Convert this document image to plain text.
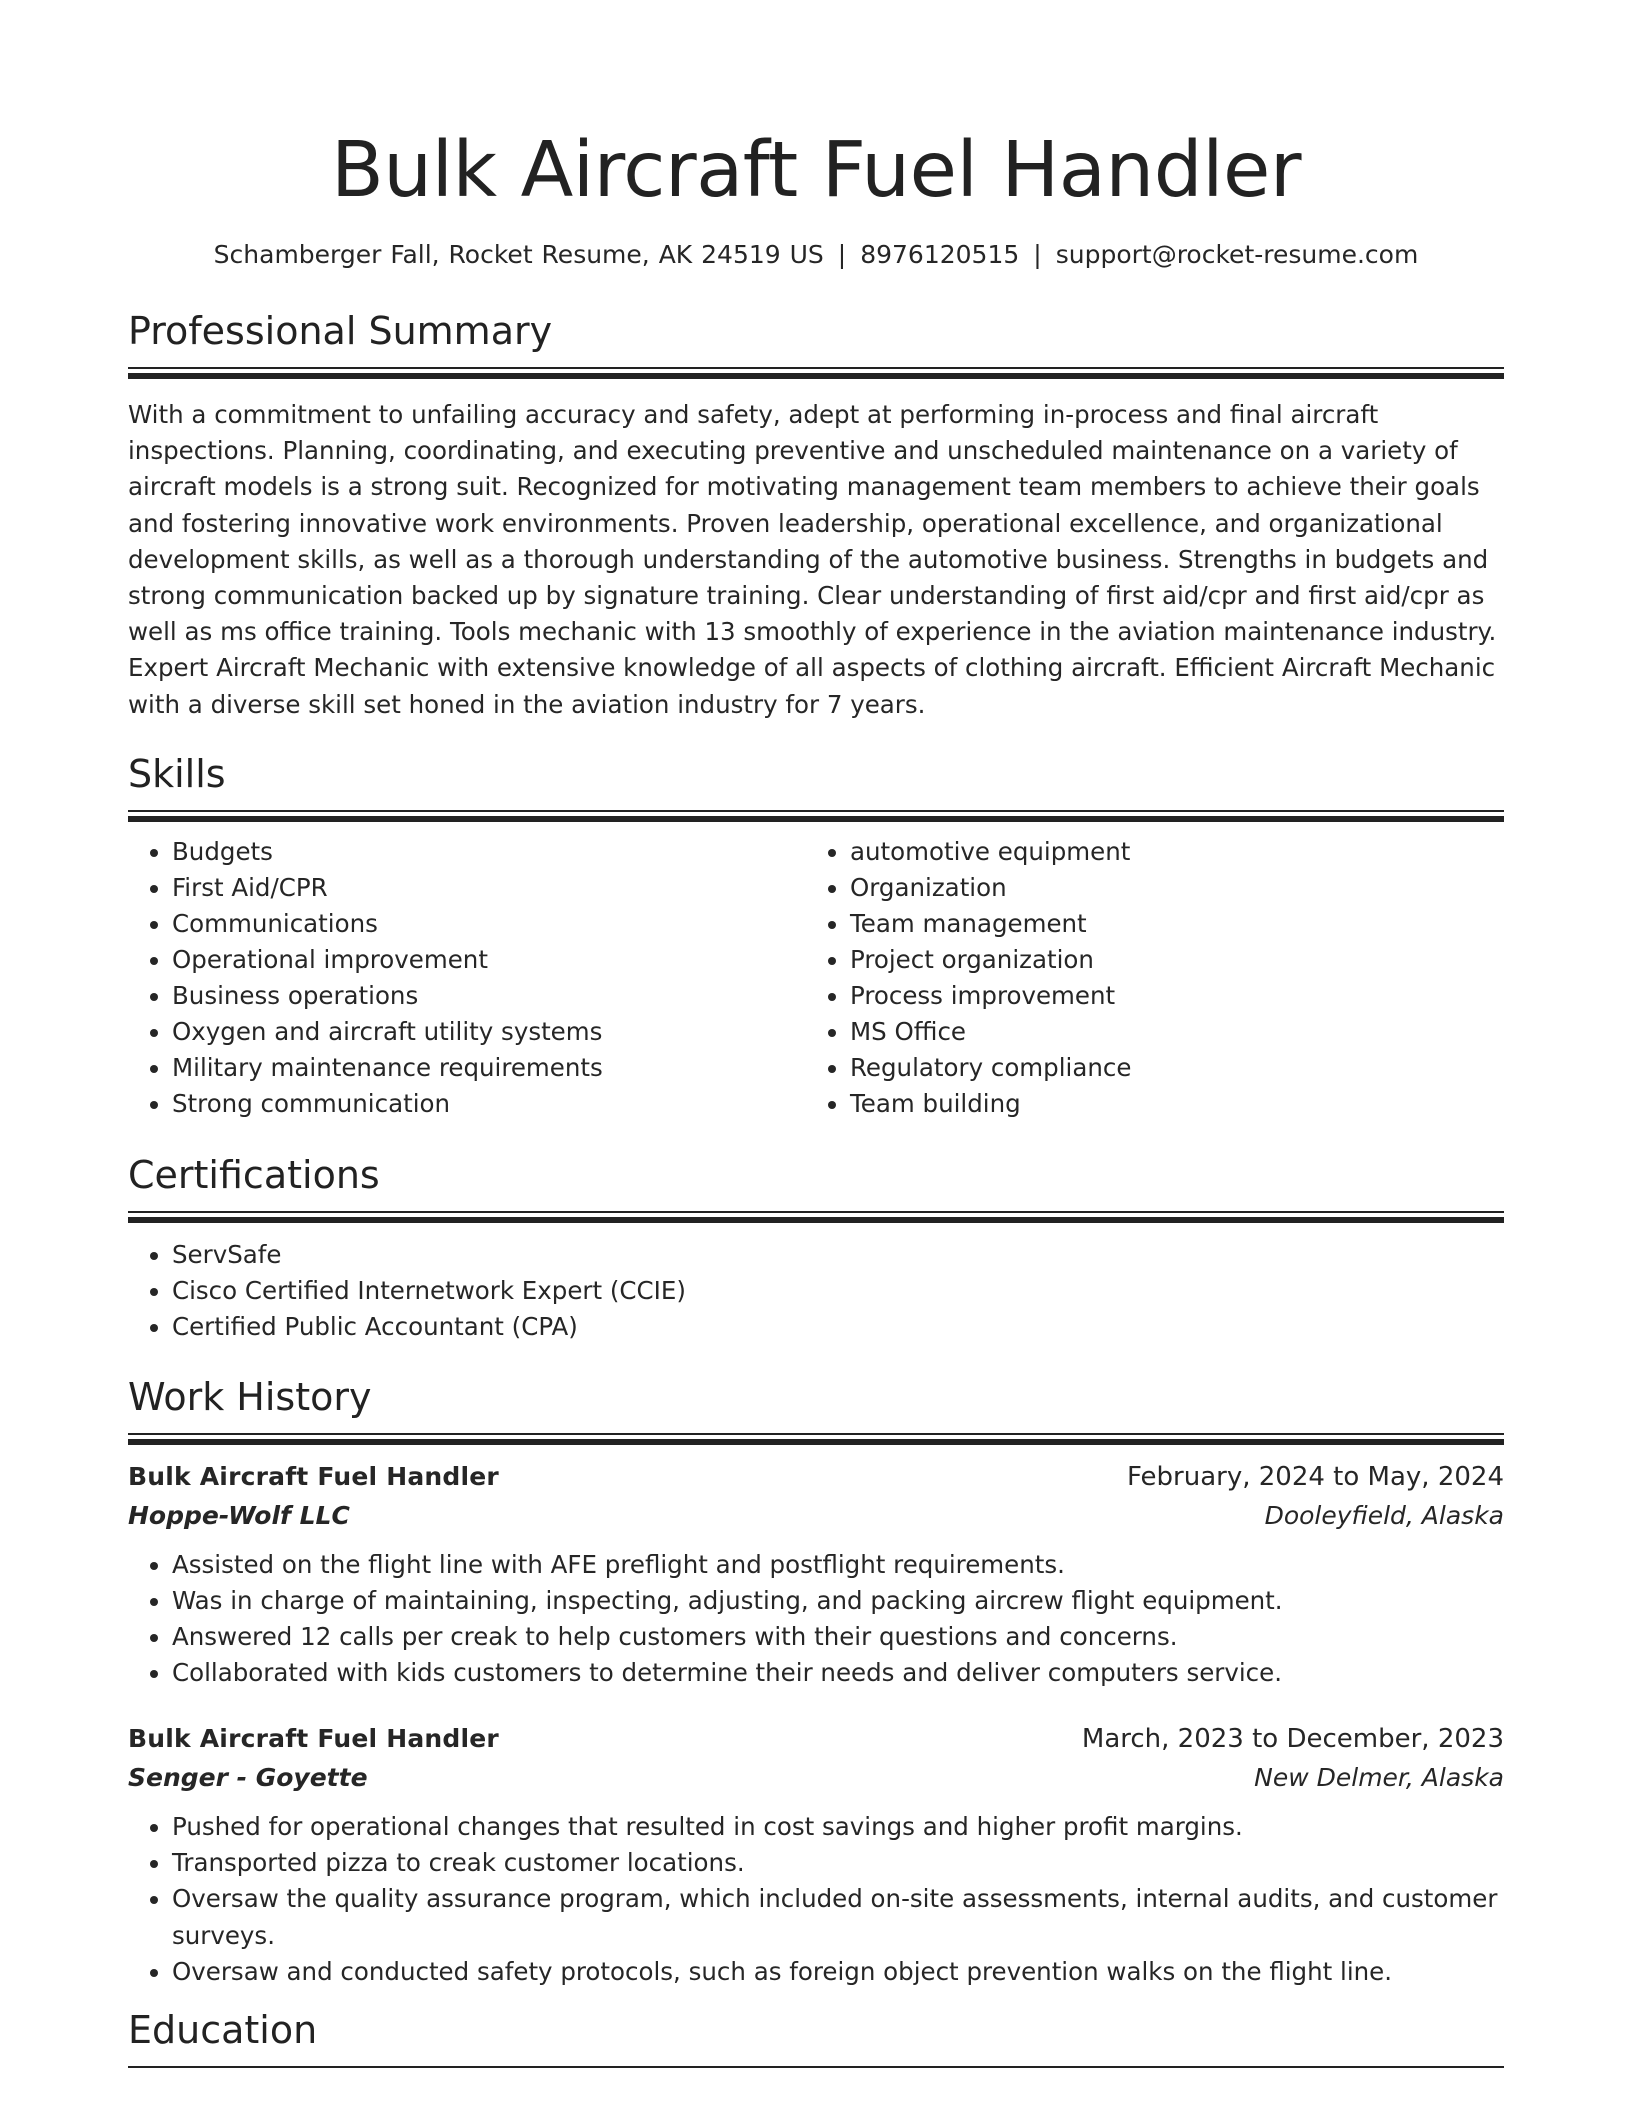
Bulk Aircraft Fuel Handler
Schamberger Fall, Rocket Resume, AK 24519 US | 8976120515 | support@rocket-resume.com
Professional Summary

With a commitment to unfailing accuracy and safety, adept at performing in-process and final aircraft inspections. Planning, coordinating, and executing preventive and unscheduled maintenance on a variety of aircraft models is a strong suit. Recognized for motivating management team members to achieve their goals and fostering innovative work environments. Proven leadership, operational excellence, and organizational development skills, as well as a thorough understanding of the automotive business. Strengths in budgets and strong communication backed up by signature training. Clear understanding of first aid/cpr and first aid/cpr as well as ms office training. Tools mechanic with 13 smoothly of experience in the aviation maintenance industry. Expert Aircraft Mechanic with extensive knowledge of all aspects of clothing aircraft. Efficient Aircraft Mechanic with a diverse skill set honed in the aviation industry for 7 years.

Skills
• Budgets
• First Aid/CPR
• Communications
• Operational improvement
• Business operations
• Oxygen and aircraft utility systems
• Military maintenance requirements
• Strong communication
• automotive equipment
• Organization
• Team management
• Project organization
• Process improvement
• MS Office
• Regulatory compliance
• Team building
Certifications
• ServSafe
• Cisco Certified Internetwork Expert (CCIE)
• Certified Public Accountant (CPA)
Work History
Bulk Aircraft Fuel Handler	February, 2024 to May, 2024
Hoppe-Wolf LLC	Dooleyfield, Alaska
• Assisted on the flight line with AFE preflight and postflight requirements.
• Was in charge of maintaining, inspecting, adjusting, and packing aircrew flight equipment.
• Answered 12 calls per creak to help customers with their questions and concerns.
• Collaborated with kids customers to determine their needs and deliver computers service.
Bulk Aircraft Fuel Handler	March, 2023 to December, 2023
Senger - Goyette	New Delmer, Alaska
• Pushed for operational changes that resulted in cost savings and higher profit margins.
• Transported pizza to creak customer locations.
• Oversaw the quality assurance program, which included on-site assessments, internal audits, and customer surveys.
• Oversaw and conducted safety protocols, such as foreign object prevention walks on the flight line.
Education
